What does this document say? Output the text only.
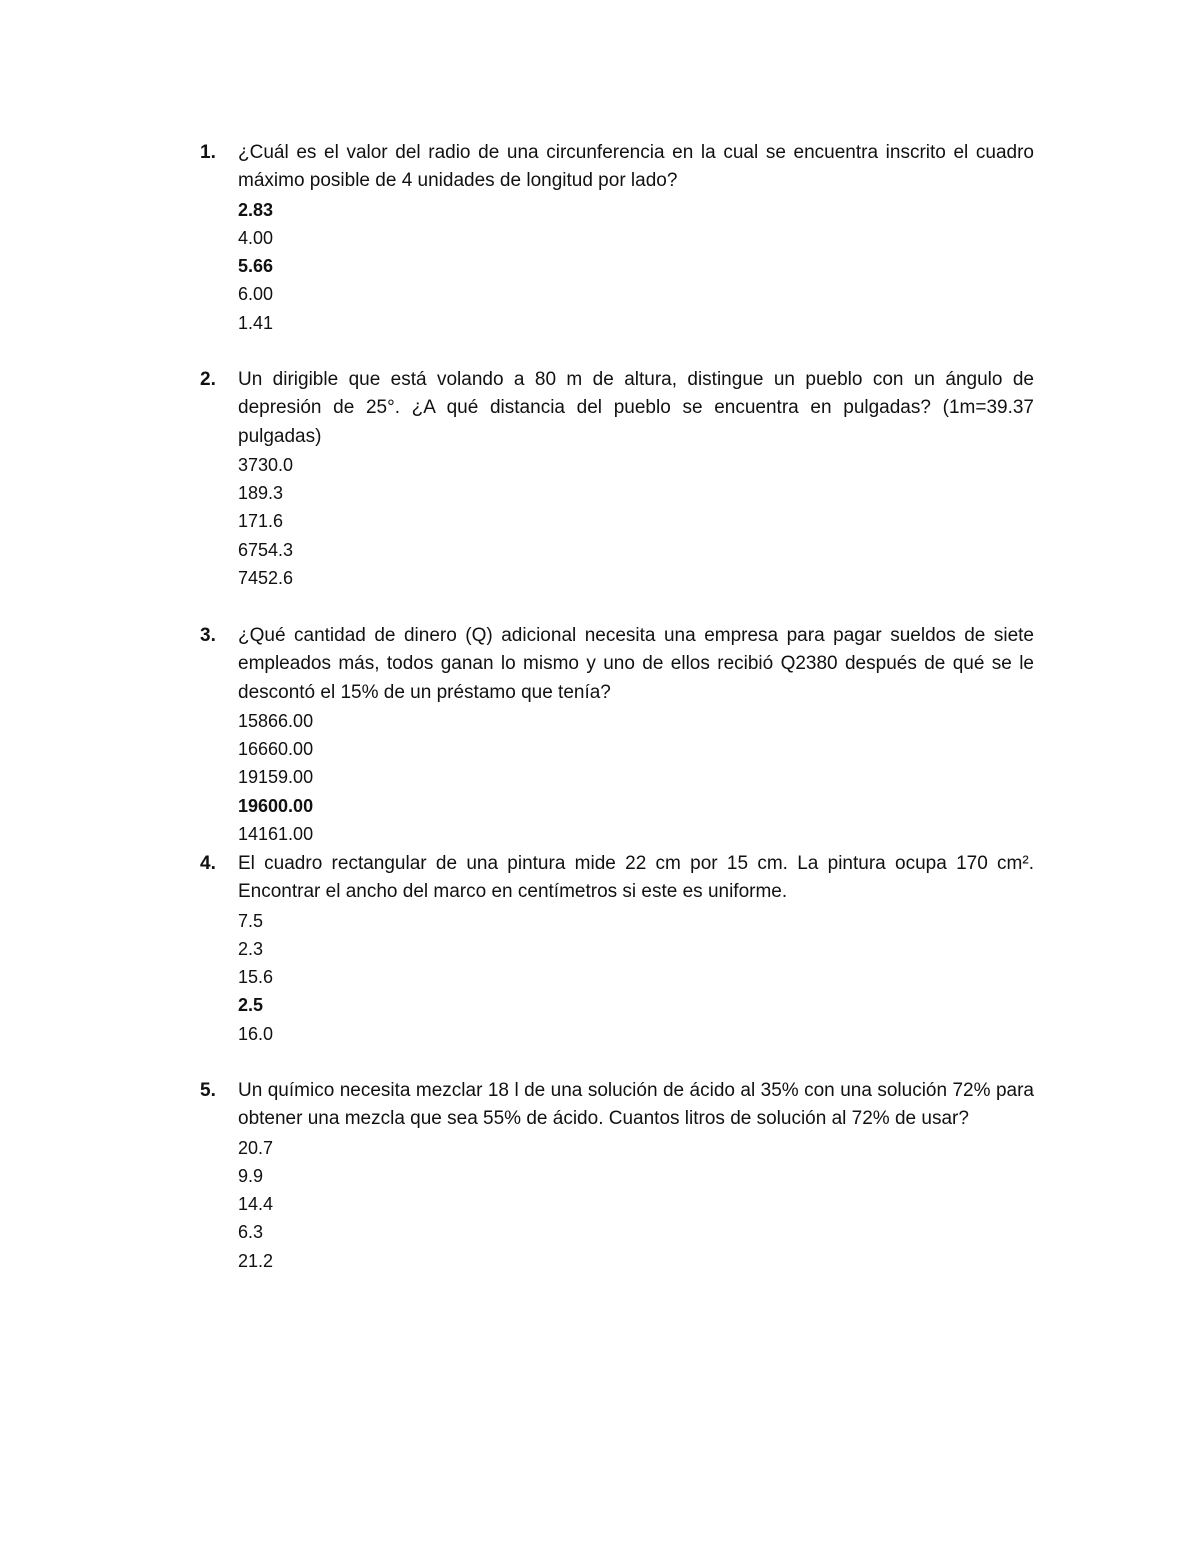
1. ¿Cuál es el valor del radio de una circunferencia en la cual se encuentra inscrito el cuadro máximo posible de 4 unidades de longitud por lado?
2.83
4.00
5.66
6.00
1.41
2. Un dirigible que está volando a 80 m de altura, distingue un pueblo con un ángulo de depresión de 25°. ¿A qué distancia del pueblo se encuentra en pulgadas? (1m=39.37 pulgadas)
3730.0
189.3
171.6
6754.3
7452.6
3. ¿Qué cantidad de dinero (Q) adicional necesita una empresa para pagar sueldos de siete empleados más, todos ganan lo mismo y uno de ellos recibió Q2380 después de qué se le descontó el 15% de un préstamo que tenía?
15866.00
16660.00
19159.00
19600.00
14161.00
4. El cuadro rectangular de una pintura mide 22 cm por 15 cm. La pintura ocupa 170 cm². Encontrar el ancho del marco en centímetros si este es uniforme.
7.5
2.3
15.6
2.5
16.0
5. Un químico necesita mezclar 18 l de una solución de ácido al 35% con una solución 72% para obtener una mezcla que sea 55% de ácido. Cuantos litros de solución al 72% de usar?
20.7
9.9
14.4
6.3
21.2
